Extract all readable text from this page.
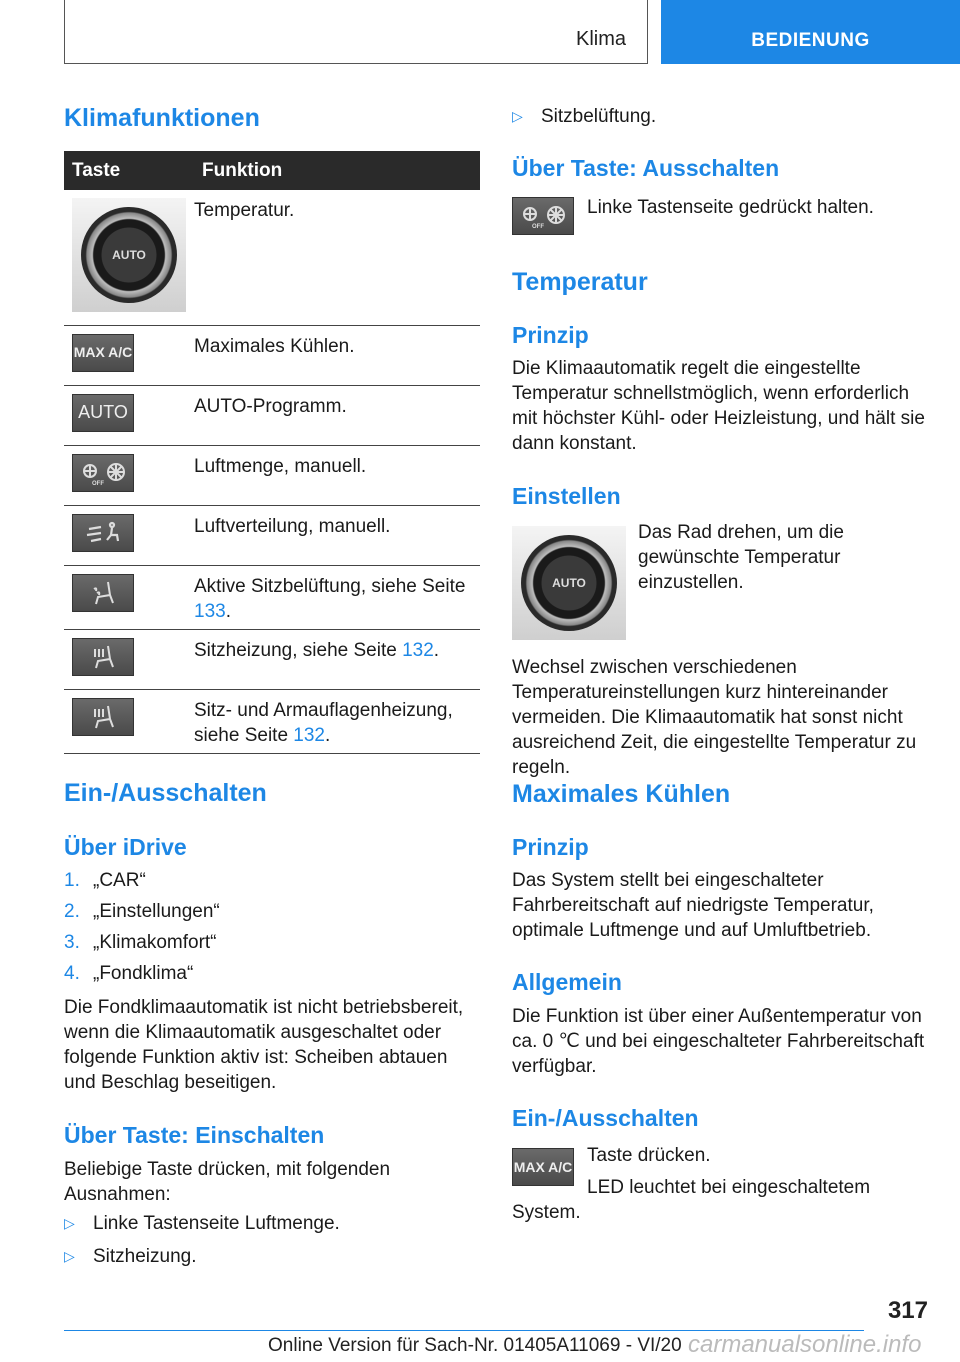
Klima	BEDIENUNG
Klimafunktionen
Taste	Funktion

AUTO	Temperatur.

MAX A/C	Maximales Kühlen.

AUTO	AUTO-Programm.

OFF	Luftmenge, manuell.

	Luftverteilung, manuell.

	Aktive Sitzbelüftung, siehe Seite 133.

	Sitzheizung, siehe Seite 132.

	Sitz- und Armauflagenheizung, siehe Seite 132.
Ein-/Ausschalten
Über iDrive
1. „CAR“
2. „Einstellungen“
3. „Klimakomfort“
4. „Fondklima“

Die Fondklimaautomatik ist nicht betriebsbereit, wenn die Klimaautomatik ausgeschaltet oder folgende Funktion aktiv ist: Scheiben abtauen und Beschlag beseitigen.

Über Taste: Einschalten

Beliebige Taste drücken, mit folgenden Ausnahmen:

▷ Linke Tastenseite Luftmenge.
▷ Sitzheizung.
▷ Sitzbelüftung.
Über Taste: Ausschalten
OFF

Linke Tastenseite gedrückt halten.

Temperatur
Prinzip

Die Klimaautomatik regelt die eingestellte Temperatur schnellstmöglich, wenn erforderlich mit höchster Kühl- oder Heizleistung, und hält sie dann konstant.

Einstellen
AUTO

Das Rad drehen, um die gewünschte Temperatur einzustellen.

Wechsel zwischen verschiedenen Temperatureinstellungen kurz hintereinander vermeiden. Die Klimaautomatik hat sonst nicht ausreichend Zeit, die eingestellte Temperatur zu regeln.

Maximales Kühlen
Prinzip

Das System stellt bei eingeschalteter Fahrbereitschaft auf niedrigste Temperatur, optimale Luftmenge und auf Umluftbetrieb.

Allgemein

Die Funktion ist über einer Außentemperatur von ca. 0 ℃ und bei eingeschalteter Fahrbereitschaft verfügbar.

Ein-/Ausschalten
MAX A/C

Taste drücken.

LED leuchtet bei eingeschaltetem System.

317
Online Version für Sach-Nr. 01405A11069 - VI/20 carmanualsonline.info
